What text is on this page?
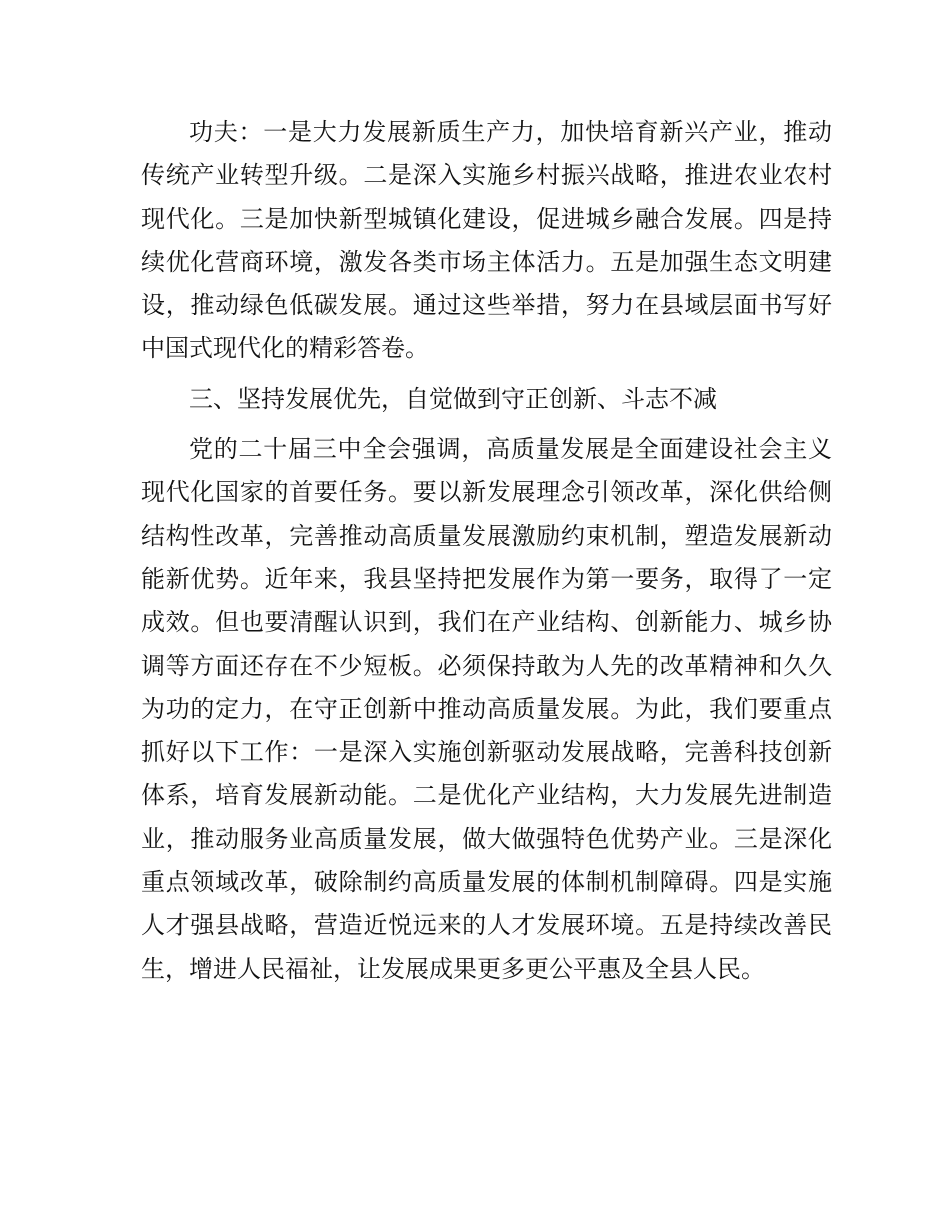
功夫：一是大力发展新质生产力，加快培育新兴产业，推动传统产业转型升级。二是深入实施乡村振兴战略，推进农业农村现代化。三是加快新型城镇化建设，促进城乡融合发展。四是持续优化营商环境，激发各类市场主体活力。五是加强生态文明建设，推动绿色低碳发展。通过这些举措，努力在县域层面书写好中国式现代化的精彩答卷。

三、坚持发展优先，自觉做到守正创新、斗志不减

党的二十届三中全会强调，高质量发展是全面建设社会主义现代化国家的首要任务。要以新发展理念引领改革，深化供给侧结构性改革，完善推动高质量发展激励约束机制，塑造发展新动能新优势。近年来，我县坚持把发展作为第一要务，取得了一定成效。但也要清醒认识到，我们在产业结构、创新能力、城乡协调等方面还存在不少短板。必须保持敢为人先的改革精神和久久为功的定力，在守正创新中推动高质量发展。为此，我们要重点抓好以下工作：一是深入实施创新驱动发展战略，完善科技创新体系，培育发展新动能。二是优化产业结构，大力发展先进制造业，推动服务业高质量发展，做大做强特色优势产业。三是深化重点领域改革，破除制约高质量发展的体制机制障碍。四是实施人才强县战略，营造近悦远来的人才发展环境。五是持续改善民生，增进人民福祉，让发展成果更多更公平惠及全县人民。
